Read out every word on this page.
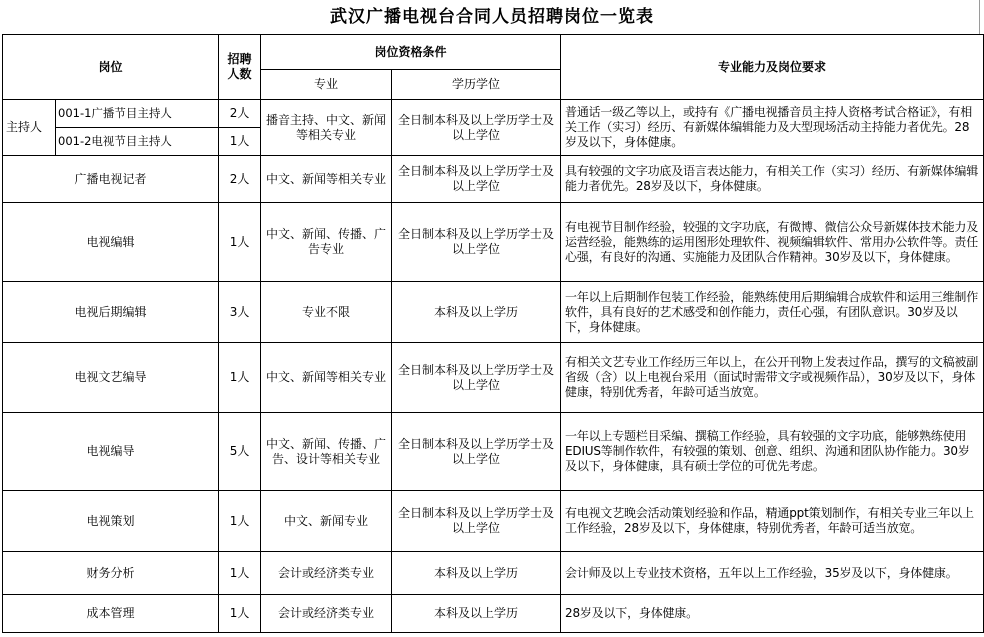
武汉广播电视台合同人员招聘岗位一览表
岗位		招聘人数	岗位资格条件		专业能力及岗位要求
			专业	学历学位	
主持人	001-1广播节目主持人	2人	播音主持、中文、新闻等相关专业	全日制本科及以上学历学士及以上学位	普通话一级乙等以上，或持有《广播电视播音员主持人资格考试合格证》，有相关工作（实习）经历、有新媒体编辑能力及大型现场活动主持能力者优先。28岁及以下，身体健康。
	001-2电视节目主持人	1人			
广播电视记者		2人	中文、新闻等相关专业	全日制本科及以上学历学士及以上学位	具有较强的文字功底及语言表达能力，有相关工作（实习）经历、有新媒体编辑能力者优先。28岁及以下，身体健康。
电视编辑		1人	中文、新闻、传播、广告专业	全日制本科及以上学历学士及以上学位	有电视节目制作经验，较强的文字功底，有微博、微信公众号新媒体技术能力及运营经验，能熟练的运用图形处理软件、视频编辑软件、常用办公软件等。责任心强，有良好的沟通、实施能力及团队合作精神。30岁及以下，身体健康。
电视后期编辑		3人	专业不限	本科及以上学历	一年以上后期制作包装工作经验，能熟练使用后期编辑合成软件和运用三维制作软件，具有良好的艺术感受和创作能力，责任心强，有团队意识。30岁及以下，身体健康。
电视文艺编导		1人	中文、新闻等相关专业	全日制本科及以上学历学士及以上学位	有相关文艺专业工作经历三年以上，在公开刊物上发表过作品，撰写的文稿被副省级（含）以上电视台采用（面试时需带文字或视频作品），30岁及以下，身体健康，特别优秀者，年龄可适当放宽。
电视编导		5人	中文、新闻、传播、广告、设计等相关专业	全日制本科及以上学历学士及以上学位	一年以上专题栏目采编、撰稿工作经验，具有较强的文字功底，能够熟练使用EDIUS等制作软件，有较强的策划、创意、组织、沟通和团队协作能力。30岁及以下，身体健康，具有硕士学位的可优先考虑。
电视策划		1人	中文、新闻专业	全日制本科及以上学历学士及以上学位	有电视文艺晚会活动策划经验和作品，精通ppt策划制作，有相关专业三年以上工作经验，28岁及以下，身体健康，特别优秀者，年龄可适当放宽。
财务分析		1人	会计或经济类专业	本科及以上学历	会计师及以上专业技术资格，五年以上工作经验，35岁及以下，身体健康。
成本管理		1人	会计或经济类专业	本科及以上学历	28岁及以下，身体健康。
